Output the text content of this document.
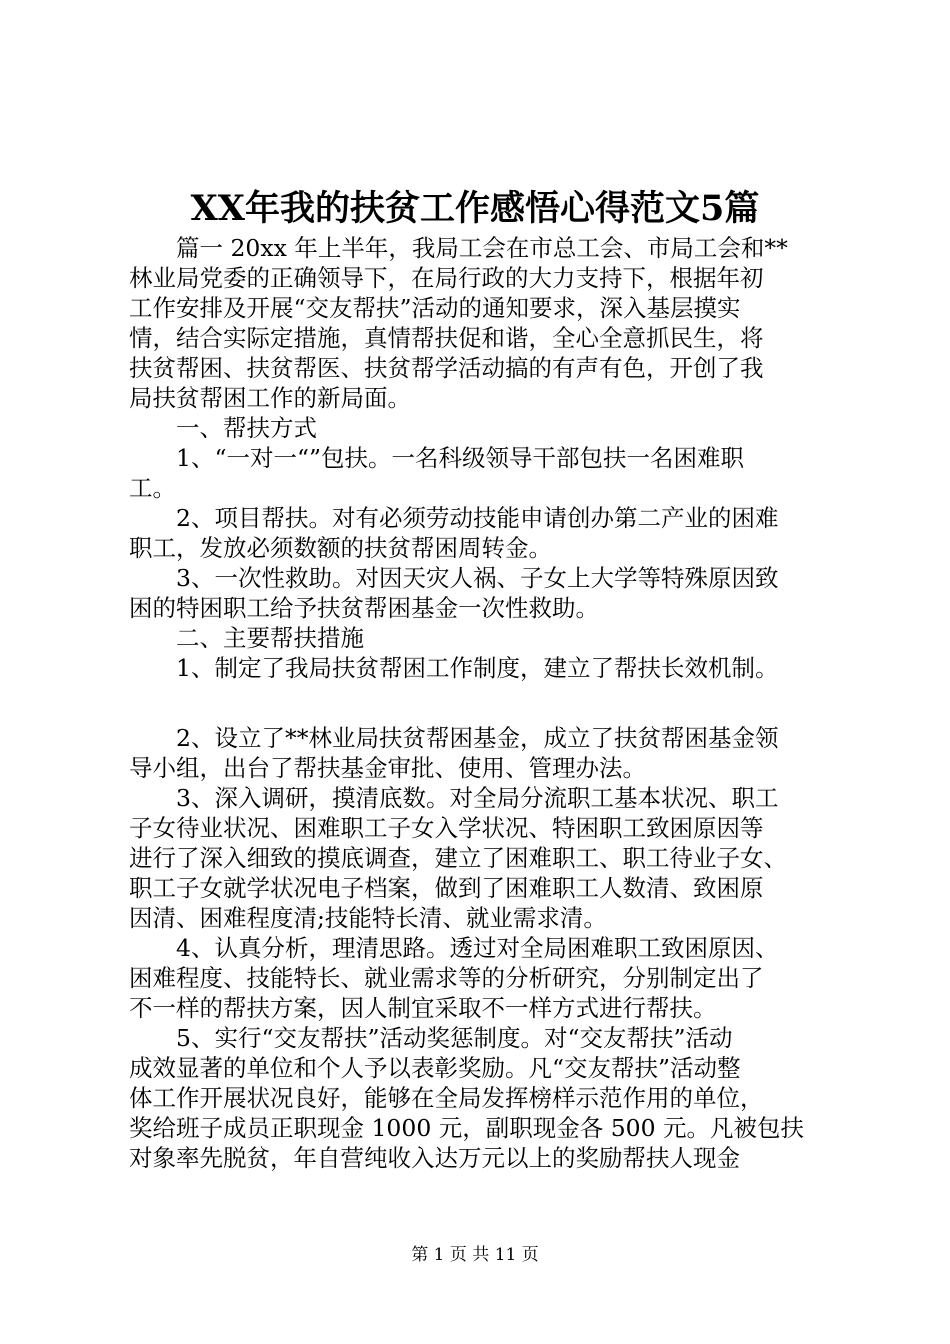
XX年我的扶贫工作感悟心得范文5篇
篇一 20xx 年上半年，我局工会在市总工会、市局工会和**
林业局党委的正确领导下，在局行政的大力支持下，根据年初
工作安排及开展“交友帮扶”活动的通知要求，深入基层摸实
情，结合实际定措施，真情帮扶促和谐，全心全意抓民生，将
扶贫帮困、扶贫帮医、扶贫帮学活动搞的有声有色，开创了我
局扶贫帮困工作的新局面。
一、帮扶方式
1、“一对一“”包扶。一名科级领导干部包扶一名困难职
工。
2、项目帮扶。对有必须劳动技能申请创办第二产业的困难
职工，发放必须数额的扶贫帮困周转金。
3、一次性救助。对因天灾人祸、子女上大学等特殊原因致
困的特困职工给予扶贫帮困基金一次性救助。
二、主要帮扶措施
1、制定了我局扶贫帮困工作制度，建立了帮扶长效机制。
2、设立了**林业局扶贫帮困基金，成立了扶贫帮困基金领
导小组，出台了帮扶基金审批、使用、管理办法。
3、深入调研，摸清底数。对全局分流职工基本状况、职工
子女待业状况、困难职工子女入学状况、特困职工致困原因等
进行了深入细致的摸底调查，建立了困难职工、职工待业子女、
职工子女就学状况电子档案，做到了困难职工人数清、致困原
因清、困难程度清;技能特长清、就业需求清。
4、认真分析，理清思路。透过对全局困难职工致困原因、
困难程度、技能特长、就业需求等的分析研究，分别制定出了
不一样的帮扶方案，因人制宜采取不一样方式进行帮扶。
5、实行“交友帮扶”活动奖惩制度。对“交友帮扶”活动
成效显著的单位和个人予以表彰奖励。凡“交友帮扶”活动整
体工作开展状况良好，能够在全局发挥榜样示范作用的单位，
奖给班子成员正职现金 1000 元，副职现金各 500 元。凡被包扶
对象率先脱贫，年自营纯收入达万元以上的奖励帮扶人现金
第 1 页 共 11 页
